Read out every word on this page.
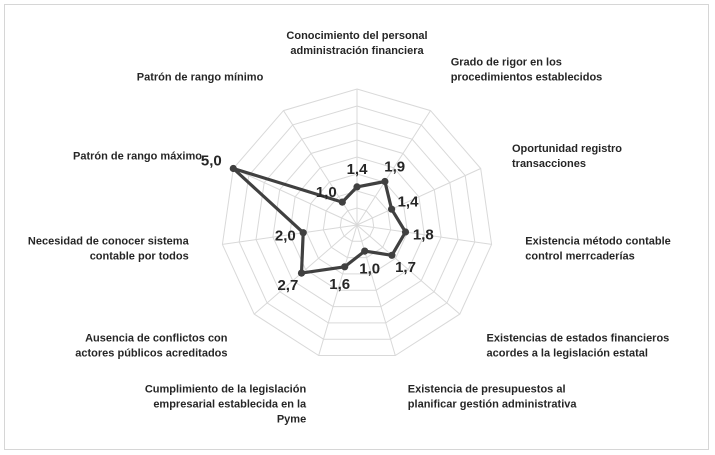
1,4 1,9
1,4
1,8
1,7
1,0
1,6
2,7
2,0
5,0
1,0
Conocimiento del personal administración financiera
Grado de rigor en los procedimientos establecidos
Oportunidad registro transacciones
Existencia método contable control merrcaderías
Existencias de estados financieros acordes a la legislación estatal
Existencia de presupuestos al planificar gestión administrativa
Cumplimiento de la legislación empresarial establecida en la Pyme
Ausencia de conflictos con actores públicos acreditados
Necesidad de conocer sistema contable por todos
Patrón de rango máximo
Patrón de rango mínimo
